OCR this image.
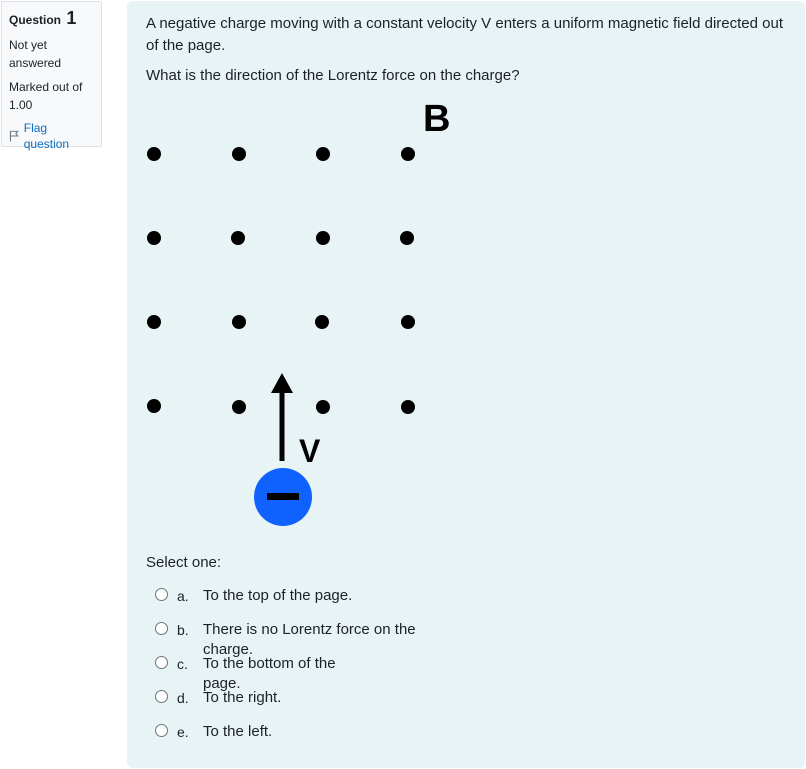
Question 1
Not yet answered
Marked out of 1.00
Flag question

A negative charge moving with a constant velocity V enters a uniform magnetic field directed out of the page.

What is the direction of the Lorentz force on the charge?

B
V
Select one:
a. To the top of the page.
b. There is no Lorentz force on the charge.
c. To the bottom of the page.
d. To the right.
e. To the left.
